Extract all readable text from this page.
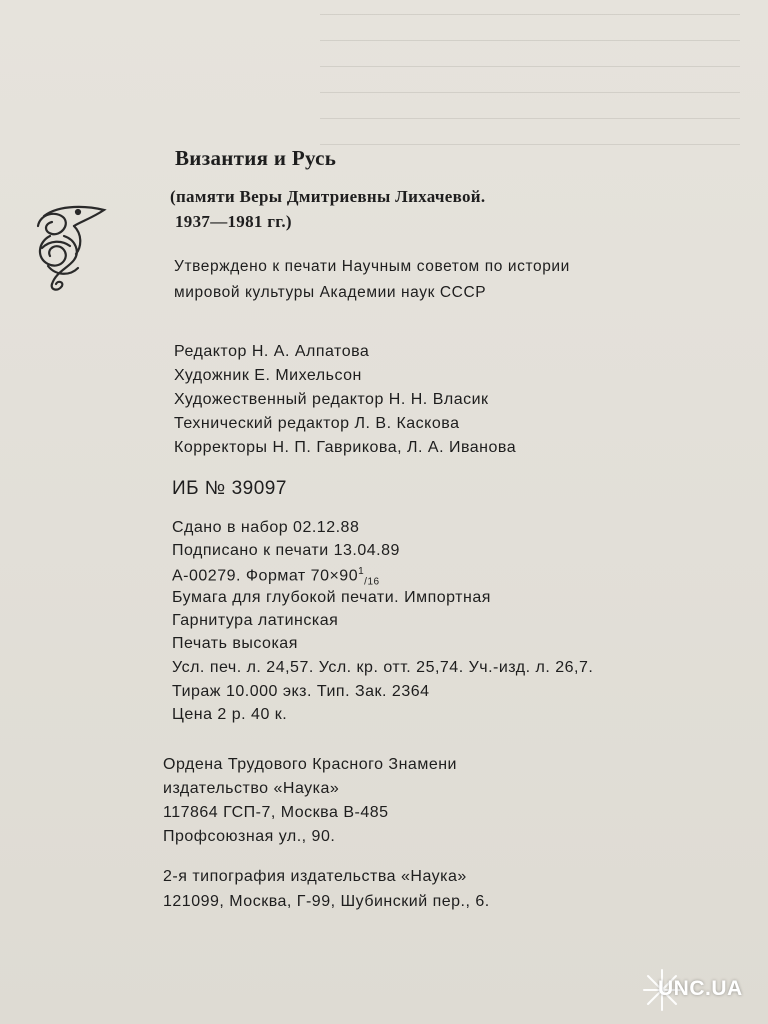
Византия и Русь
(памяти Веры Дмитриевны Лихачевой.
1937—1981 гг.)
Утверждено к печати Научным советом по истории
мировой культуры Академии наук СССР
Редактор Н. А. Алпатова
Художник Е. Михельсон
Художественный редактор Н. Н. Власик
Технический редактор Л. В. Каскова
Корректоры Н. П. Гаврикова, Л. А. Иванова
ИБ № 39097
Сдано в набор 02.12.88
Подписано к печати 13.04.89
А-00279. Формат $70\times 90^1_{/16}$
Бумага для глубокой печати. Импортная
Гарнитура латинская
Печать высокая
Усл. печ. л. 24,57. Усл. кр. отт. 25,74. Уч.-изд. л. 26,7.
Тираж 10.000 экз. Тип. Зак. 2364
Цена 2 р. 40 к.
Ордена Трудового Красного Знамени
издательство «Наука»
117864 ГСП-7, Москва В-485
Профсоюзная ул., 90.
2-я типография издательства «Наука»
121099, Москва, Г-99, Шубинский пер., 6.
UNC.UA
